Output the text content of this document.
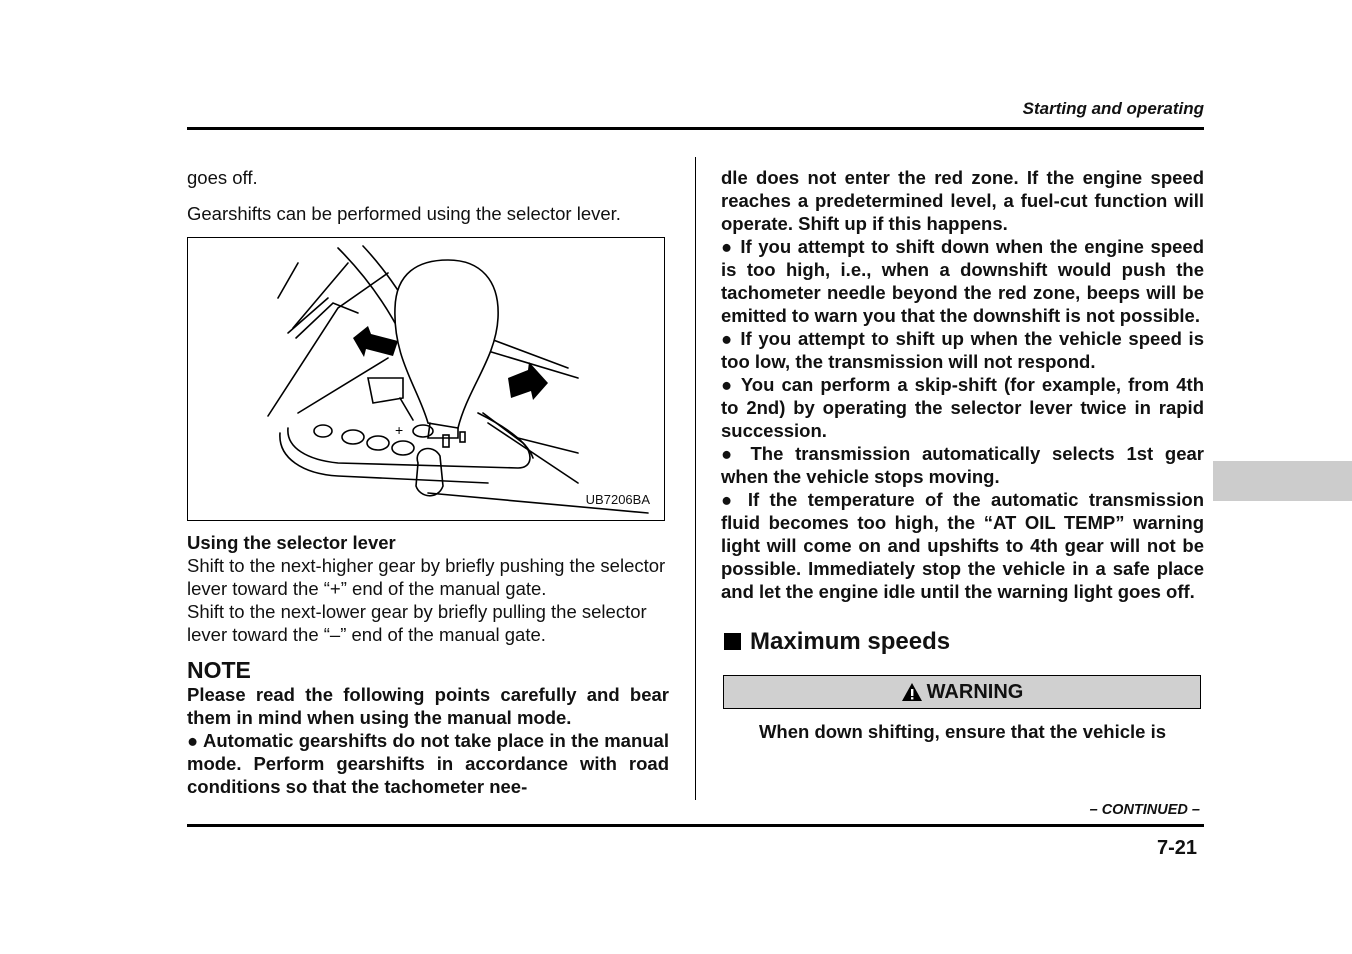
Starting and operating

goes off.

Gearshifts can be performed using the selector lever.

+
UB7206BA

Using the selector lever

Shift to the next-higher gear by briefly pushing the selector lever toward the “+” end of the manual gate.

Shift to the next-lower gear by briefly pulling the selector lever toward the “–” end of the manual gate.

NOTE

Please read the following points carefully and bear them in mind when using the manual mode.

● Automatic gearshifts do not take place in the manual mode. Perform gearshifts in accordance with road conditions so that the tachometer nee-

dle does not enter the red zone. If the engine speed reaches a predetermined level, a fuel-cut function will operate. Shift up if this happens.

● If you attempt to shift down when the engine speed is too high, i.e., when a downshift would push the tachometer needle beyond the red zone, beeps will be emitted to warn you that the downshift is not possible.

● If you attempt to shift up when the vehicle speed is too low, the transmission will not respond.

● You can perform a skip-shift (for example, from 4th to 2nd) by operating the selector lever twice in rapid succession.

● The transmission automatically selects 1st gear when the vehicle stops moving.

● If the temperature of the automatic transmission fluid becomes too high, the “AT OIL TEMP” warning light will come on and upshifts to 4th gear will not be possible. Immediately stop the vehicle in a safe place and let the engine idle until the warning light goes off.

Maximum speeds
WARNING

When down shifting, ensure that the vehicle is

– CONTINUED –
7-21
